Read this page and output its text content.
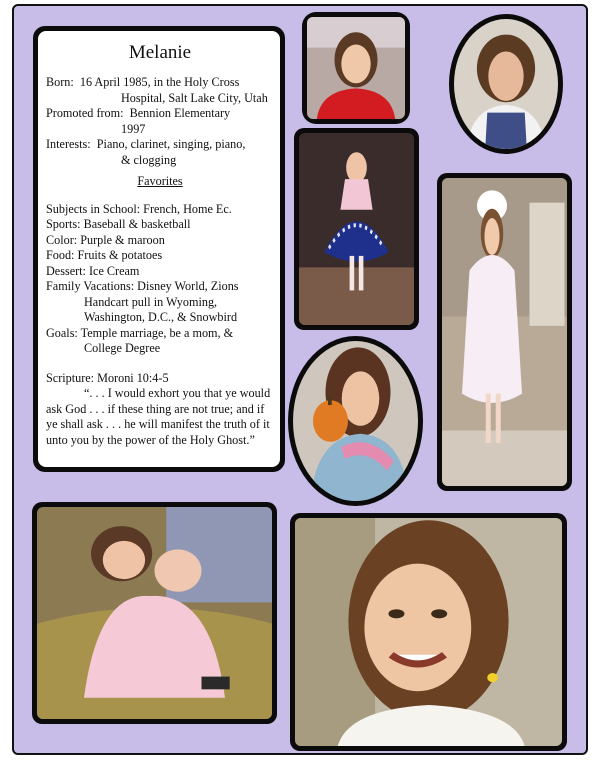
Melanie
Born: 16 April 1985, in the Holy Cross
Hospital, Salt Lake City, Utah
Promoted from: Bennion Elementary
1997
Interests: Piano, clarinet, singing, piano,
& clogging
Favorites
Subjects in School: French, Home Ec.
Sports: Baseball & basketball
Color: Purple & maroon
Food: Fruits & potatoes
Dessert: Ice Cream
Family Vacations: Disney World, Zions
Handcart pull in Wyoming,
Washington, D.C., & Snowbird
Goals: Temple marriage, be a mom, &
College Degree
Scripture: Moroni 10:4-5
“. . . I would exhort you that ye would ask God . . . if these thing are not true; and if ye shall ask . . . he will manifest the truth of it unto you by the power of the Holy Ghost.”
